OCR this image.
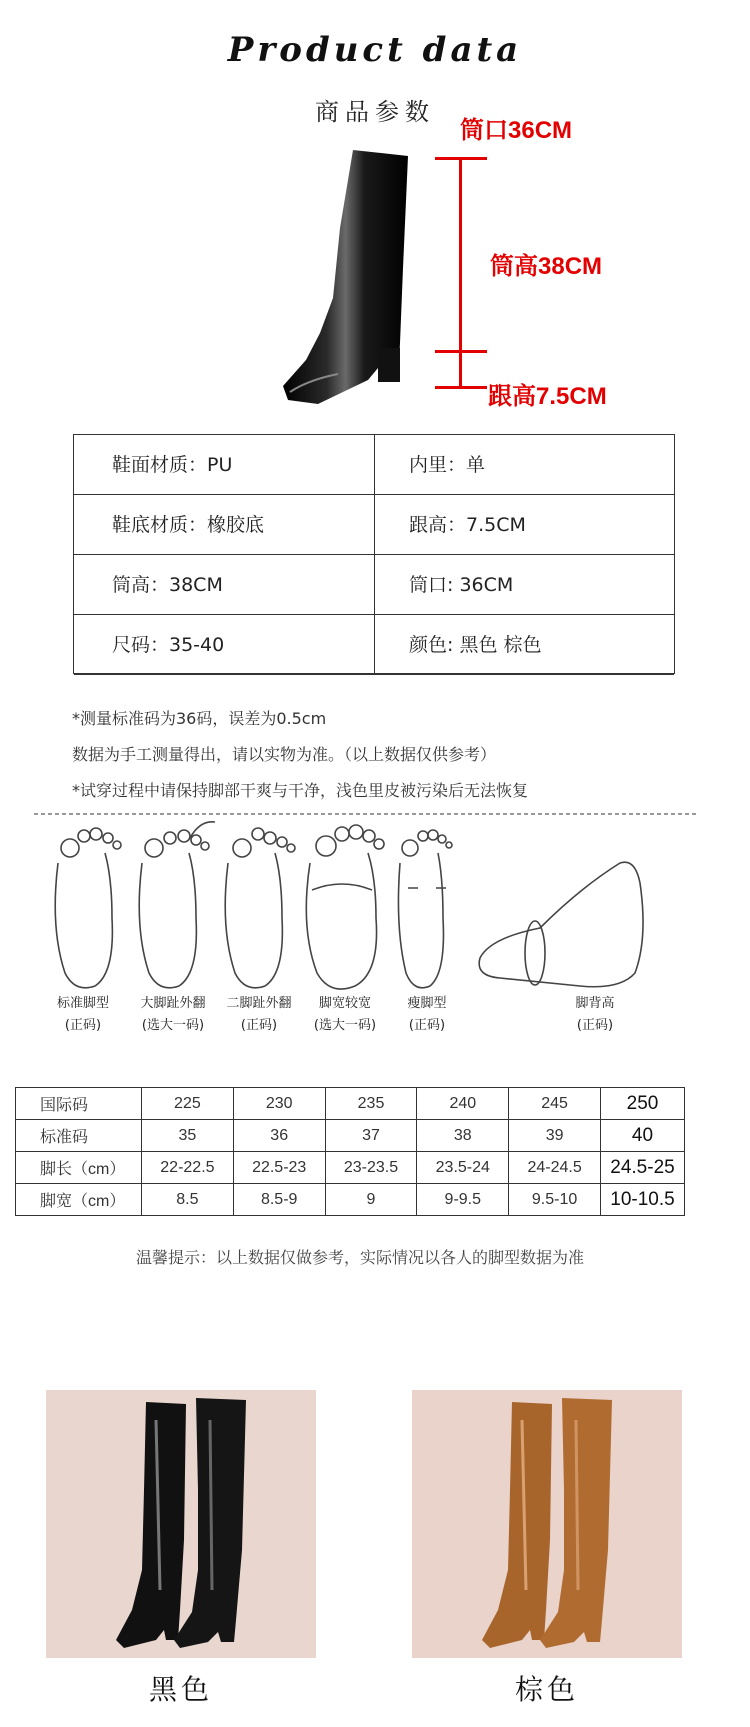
Product data
商品参数
筒口36CM
筒高38CM
跟高7.5CM
鞋面材质：PU	内里：单
鞋底材质：橡胶底	跟高：7.5CM
筒高：38CM	筒口: 36CM
尺码：35-40	颜色: 黑色 棕色
*测量标准码为36码，误差为0.5cm
数据为手工测量得出，请以实物为准。（以上数据仅供参考）
*试穿过程中请保持脚部干爽与干净，浅色里皮被污染后无法恢复
标准脚型
(正码)
大脚趾外翻
(选大一码)
二脚趾外翻
(正码)
脚宽较宽
(选大一码)
瘦脚型
(正码)
脚背高
(正码)
国际码	225	230	235	240	245	250
标准码	35	36	37	38	39	40
脚长（cm）	22-22.5	22.5-23	23-23.5	23.5-24	24-24.5	24.5-25
脚宽（cm）	8.5	8.5-9	9	9-9.5	9.5-10	10-10.5
温馨提示：以上数据仅做参考，实际情况以各人的脚型数据为准
黑色	棕色
